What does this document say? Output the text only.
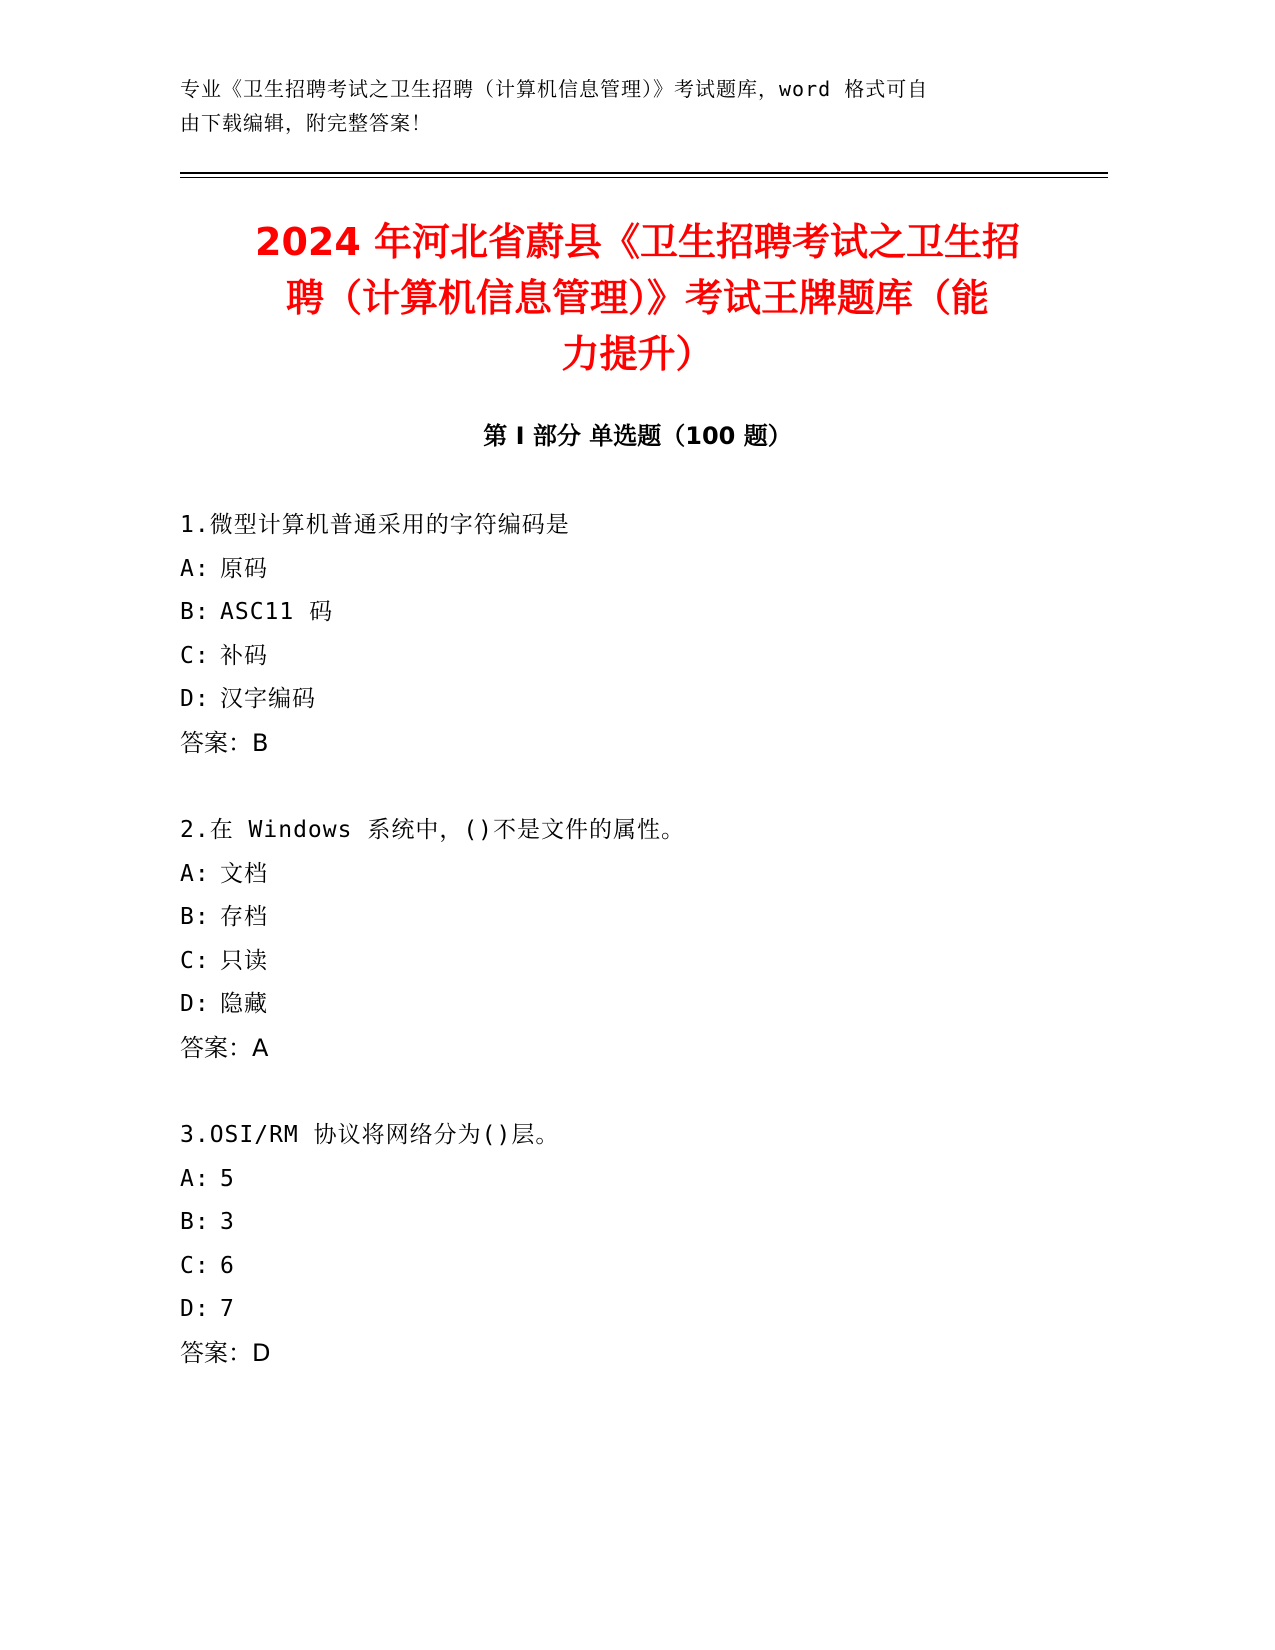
专业《卫生招聘考试之卫生招聘（计算机信息管理）》考试题库，word 格式可自
由下载编辑，附完整答案！
2024 年河北省蔚县《卫生招聘考试之卫生招
聘（计算机信息管理）》考试王牌题库（能
力提升）
第 I 部分 单选题（100 题）
1.微型计算机普通采用的字符编码是
A: 原码
B: ASC11 码
C: 补码
D: 汉字编码
答案：B
2.在 Windows 系统中，()不是文件的属性。
A: 文档
B: 存档
C: 只读
D: 隐藏
答案：A
3.OSI/RM 协议将网络分为()层。
A: 5
B: 3
C: 6
D: 7
答案：D
